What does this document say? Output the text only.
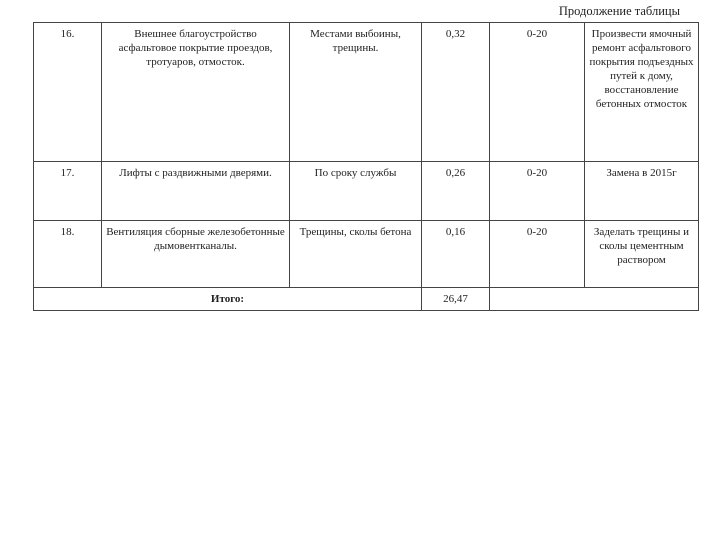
Продолжение таблицы
16.	Внешнее благоустройство асфальтовое покрытие проездов, тротуаров, отмосток.	Местами выбоины, трещины.	0,32	0-20	Произвести ямочный ремонт асфальтового покрытия подъездных путей к дому, восстановление бетонных отмосток
17.	Лифты с раздвижными дверями.	По сроку службы	0,26	0-20	Замена в 2015г
18.	Вентиляция сборные железобетонные дымовентканалы.	Трещины, сколы бетона	0,16	0-20	Заделать трещины и сколы цементным раствором
Итого:			26,47		
